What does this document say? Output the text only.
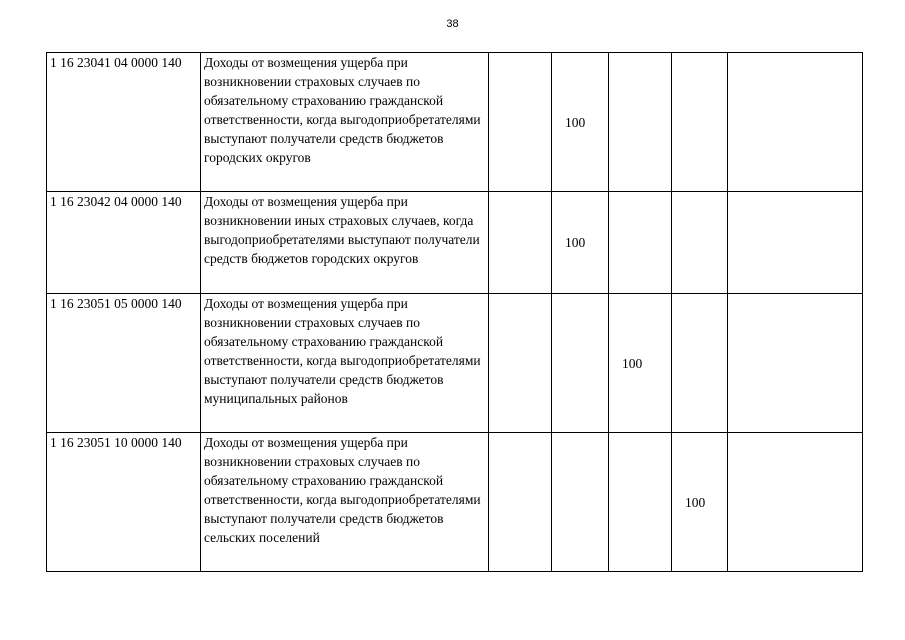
38
1 16 23041 04 0000 140	Доходы от возмещения ущерба при возникновении страховых случаев по обязательному страхованию гражданской ответственности, когда выгодоприобретателями выступают получатели средств бюджетов городских округов		100			
1 16 23042 04 0000 140	Доходы от возмещения ущерба при возникновении иных страховых случаев, когда выгодоприобретателями выступают получатели средств бюджетов городских округов		100			
1 16 23051 05 0000 140	Доходы от возмещения ущерба при возникновении страховых случаев по обязательному страхованию гражданской ответственности, когда выгодоприобретателями выступают получатели средств бюджетов муниципальных районов			100		
1 16 23051 10 0000 140	Доходы от возмещения ущерба при возникновении страховых случаев по обязательному страхованию гражданской ответственности, когда выгодоприобретателями выступают получатели средств бюджетов сельских поселений				100	
